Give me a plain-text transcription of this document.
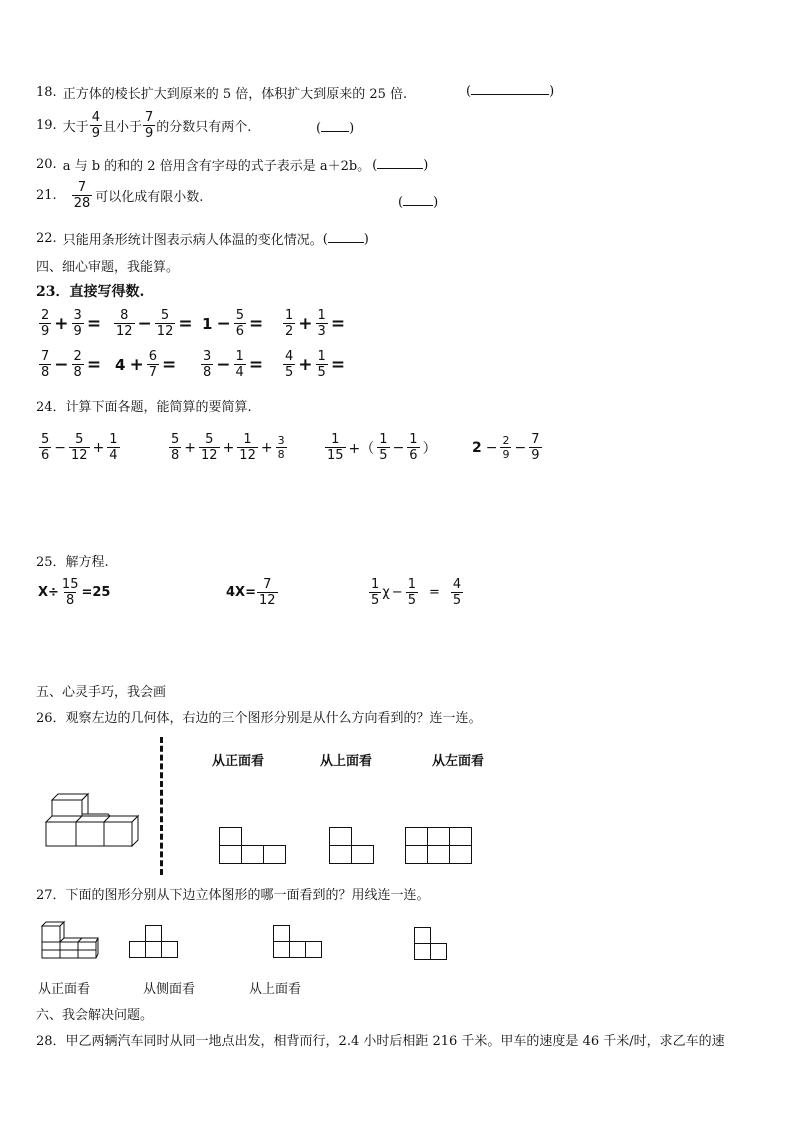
18. 正方体的棱长扩大到原来的 5 倍，体积扩大到原来的 25 倍.	(	)
19. 大于 $\frac{4}{9}$ 且小于 $\frac{7}{9}$ 的分数只有两个.	( )
20. a 与 b 的和的 2 倍用含有字母的式子表示是 a＋2b。 (	)
21. $\frac{7}{28}$ 可以化成有限小数.	( )
22. 只能用条形统计图表示病人体温的变化情况。 (	)
四、细心审题，我能算。
23．直接写得数.
$\frac{2}{9} + \frac{3}{9} = \frac{8}{12} - \frac{5}{12} = 1 - \frac{5}{6} = \frac{1}{2} + \frac{1}{3}$ =
$\frac{7}{8} - \frac{2}{8} = 4 + \frac{6}{7} = \frac{3}{8} - \frac{1}{4} = \frac{4}{5} + \frac{1}{5}$ =
24．计算下面各题，能简算的要简算.
$\frac{5}{6} - \frac{5}{12} + \frac{1}{4}$	$\frac{5}{8} + \frac{5}{12} + \frac{1}{12} + \frac{3}{8}$	$\frac{1}{15}$ +（ $\frac{1}{5} - \frac{1}{6}$ ）	$2 - \frac{2}{9} - \frac{7}{9}$
25．解方程.
$X\div \frac{15}{8} =25$	$4X= \frac{7}{12}$	$\frac{1}{5}$ $\chi - \frac{1}{5} = \frac{4}{5}$
五、心灵手巧，我会画
26．观察左边的几何体，右边的三个图形分别是从什么方向看到的？连一连。
从正面看	从上面看	从左面看
27．下面的图形分别从下边立体图形的哪一面看到的？用线连一连。
从正面看	从侧面看	从上面看
六、我会解决问题。
28． 甲乙两辆汽车同时从同一地点出发，相背而行，2.4 小时后相距 216 千米。甲车的速度是 46 千米/时，求乙车的速
